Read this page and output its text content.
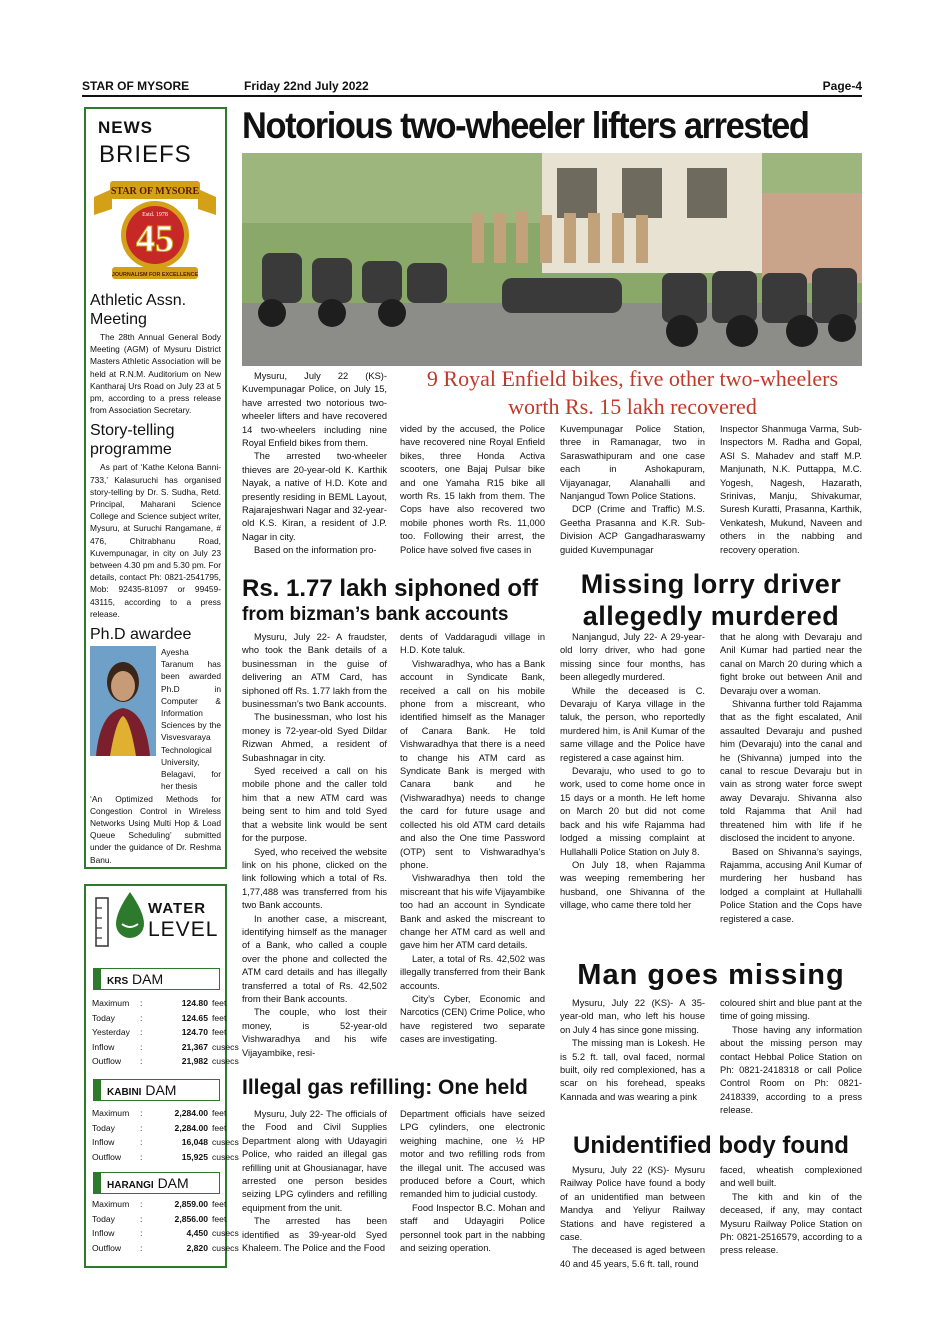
STAR OF MYSORE	Friday 22nd July 2022	Page-4
NEWS
BRIEFS
STAR OF MYSORE
Estd. 1978
45
JOURNALISM FOR EXCELLENCE
Athletic Assn. Meeting

The 28th Annual General Body Meeting (AGM) of Mysuru District Masters Athletic Association will be held at R.N.M. Auditorium on New Kantharaj Urs Road on July 23 at 5 pm, according to a press release from Association Secretary.

Story-telling programme

As part of ‘Kathe Kelona Banni-733,’ Kalasuruchi has organised story-telling by Dr. S. Sudha, Retd. Principal, Maharani Science College and Science subject writer, Mysuru, at Suruchi Rangamane, # 476, Chitrabhanu Road, Kuvempunagar, in city on July 23 between 4.30 pm and 5.30 pm. For details, contact Ph: 0821-2541795, Mob: 92435-81097 or 99459-43115, according to a press release.

Ph.D awardee

Ayesha Taranum has been awarded Ph.D in Computer & Information Sciences by the Visvesvaraya Technological University, Belagavi, for her thesis

‘An Optimized Methods for Congestion Control in Wireless Networks Using Multi Hop & Load Queue Scheduling’ submitted under the guidance of Dr. Reshma Banu.

WATER
LEVEL
KRS DAM
Maximum	:	124.80 feet
Today	:	124.65 feet
Yesterday	:	124.70 feet
Inflow	:	21,367 cusecs
Outflow	:	21,982 cusecs
KABINI DAM
Maximum	:	2,284.00 feet
Today	:	2,284.00 feet
Inflow	:	16,048 cusecs
Outflow	:	15,925 cusecs
HARANGI DAM
Maximum	:	2,859.00 feet
Today	:	2,856.00 feet
Inflow	:	4,450 cusecs
Outflow	:	2,820 cusecs
Notorious two-wheeler lifters arrested
9 Royal Enfield bikes, five other two-wheelers
worth Rs. 15 lakh recovered

Mysuru, July 22 (KS)- Kuvempunagar Police, on July 15, have arrested two notorious two-wheeler lifters and have recovered 14 two-wheelers including nine Royal Enfield bikes from them.

The arrested two-wheeler thieves are 20-year-old K. Karthik Nayak, a native of H.D. Kote and presently residing in BEML Layout, Rajarajeshwari Nagar and 32-year-old K.S. Kiran, a resident of J.P. Nagar in city.

Based on the information pro-

vided by the accused, the Police have recovered nine Royal Enfield bikes, three Honda Activa scooters, one Bajaj Pulsar bike and one Yamaha R15 bike all worth Rs. 15 lakh from them. The Cops have also recovered two mobile phones worth Rs. 11,000 too. Following their arrest, the Police have solved five cases in

Kuvempunagar Police Station, three in Ramanagar, two in Saraswathipuram and one case each in Ashokapuram, Vijayanagar, Alanahalli and Nanjangud Town Police Stations.

DCP (Crime and Traffic) M.S. Geetha Prasanna and K.R. Sub-Division ACP Gangadharaswamy guided Kuvempunagar

Inspector Shanmuga Varma, Sub-Inspectors M. Radha and Gopal, ASI S. Mahadev and staff M.P. Manjunath, N.K. Puttappa, M.C. Yogesh, Nagesh, Hazarath, Srinivas, Manju, Shivakumar, Suresh Kuratti, Prasanna, Karthik, Venkatesh, Mukund, Naveen and others in the nabbing and recovery operation.

Rs. 1.77 lakh siphoned off
from bizman’s bank accounts

Mysuru, July 22- A fraudster, who took the Bank details of a businessman in the guise of delivering an ATM Card, has siphoned off Rs. 1.77 lakh from the businessman’s two Bank accounts.

The businessman, who lost his money is 72-year-old Syed Dildar Rizwan Ahmed, a resident of Subashnagar in city.

Syed received a call on his mobile phone and the caller told him that a new ATM card was being sent to him and told Syed that a website link would be sent for the purpose.

Syed, who received the website link on his phone, clicked on the link following which a total of Rs. 1,77,488 was transferred from his two Bank accounts.

In another case, a miscreant, identifying himself as the manager of a Bank, who called a couple over the phone and collected the ATM card details and has illegally transferred a total of Rs. 42,502 from their Bank accounts.

The couple, who lost their money, is 52-year-old Vishwaradhya and his wife Vijayambike, resi-

dents of Vaddaragudi village in H.D. Kote taluk.

Vishwaradhya, who has a Bank account in Syndicate Bank, received a call on his mobile phone from a miscreant, who identified himself as the Manager of Canara Bank. He told Vishwaradhya that there is a need to change his ATM card as Syndicate Bank is merged with Canara bank and he (Vishwaradhya) needs to change the card for future usage and collected his old ATM card details and also the One time Password (OTP) sent to Vishwaradhya’s phone.

Vishwaradhya then told the miscreant that his wife Vijayambike too had an account in Syndicate Bank and asked the miscreant to change her ATM card as well and gave him her ATM card details.

Later, a total of Rs. 42,502 was illegally transferred from their Bank accounts.

City’s Cyber, Economic and Narcotics (CEN) Crime Police, who have registered two separate cases are investigating.

Illegal gas refilling: One held

Mysuru, July 22- The officials of the Food and Civil Supplies Department along with Udayagiri Police, who raided an illegal gas refilling unit at Ghousianagar, have arrested one person besides seizing LPG cylinders and refilling equipment from the unit.

The arrested has been identified as 39-year-old Syed Khaleem. The Police and the Food

Department officials have seized LPG cylinders, one electronic weighing machine, one ½ HP motor and two refilling rods from the illegal unit. The accused was produced before a Court, which remanded him to judicial custody.

Food Inspector B.C. Mohan and staff and Udayagiri Police personnel took part in the nabbing and seizing operation.

Missing lorry driver
allegedly murdered

Nanjangud, July 22- A 29-year-old lorry driver, who had gone missing since four months, has been allegedly murdered.

While the deceased is C. Devaraju of Karya village in the taluk, the person, who reportedly murdered him, is Anil Kumar of the same village and the Police have registered a case against him.

Devaraju, who used to go to work, used to come home once in 15 days or a month. He left home on March 20 but did not come back and his wife Rajamma had lodged a missing complaint at Hullahalli Police Station on July 8.

On July 18, when Rajamma was weeping remembering her husband, one Shivanna of the village, who came there told her

that he along with Devaraju and Anil Kumar had partied near the canal on March 20 during which a fight broke out between Anil and Devaraju over a woman.

Shivanna further told Rajamma that as the fight escalated, Anil assaulted Devaraju and pushed him (Devaraju) into the canal and he (Shivanna) jumped into the canal to rescue Devaraju but in vain as strong water force swept away Devaraju. Shivanna also told Rajamma that Anil had threatened him with life if he disclosed the incident to anyone.

Based on Shivanna’s sayings, Rajamma, accusing Anil Kumar of murdering her husband has lodged a complaint at Hullahalli Police Station and the Cops have registered a case.

Man goes missing

Mysuru, July 22 (KS)- A 35-year-old man, who left his house on July 4 has since gone missing.

The missing man is Lokesh. He is 5.2 ft. tall, oval faced, normal built, oily red complexioned, has a scar on his forehead, speaks Kannada and was wearing a pink

coloured shirt and blue pant at the time of going missing.

Those having any information about the missing person may contact Hebbal Police Station on Ph: 0821-2418318 or call Police Control Room on Ph: 0821-2418339, according to a press release.

Unidentified body found

Mysuru, July 22 (KS)- Mysuru Railway Police have found a body of an unidentified man between Mandya and Yeliyur Railway Stations and have registered a case.

The deceased is aged between 40 and 45 years, 5.6 ft. tall, round

faced, wheatish complexioned and well built.

The kith and kin of the deceased, if any, may contact Mysuru Railway Police Station on Ph: 0821-2516579, according to a press release.
